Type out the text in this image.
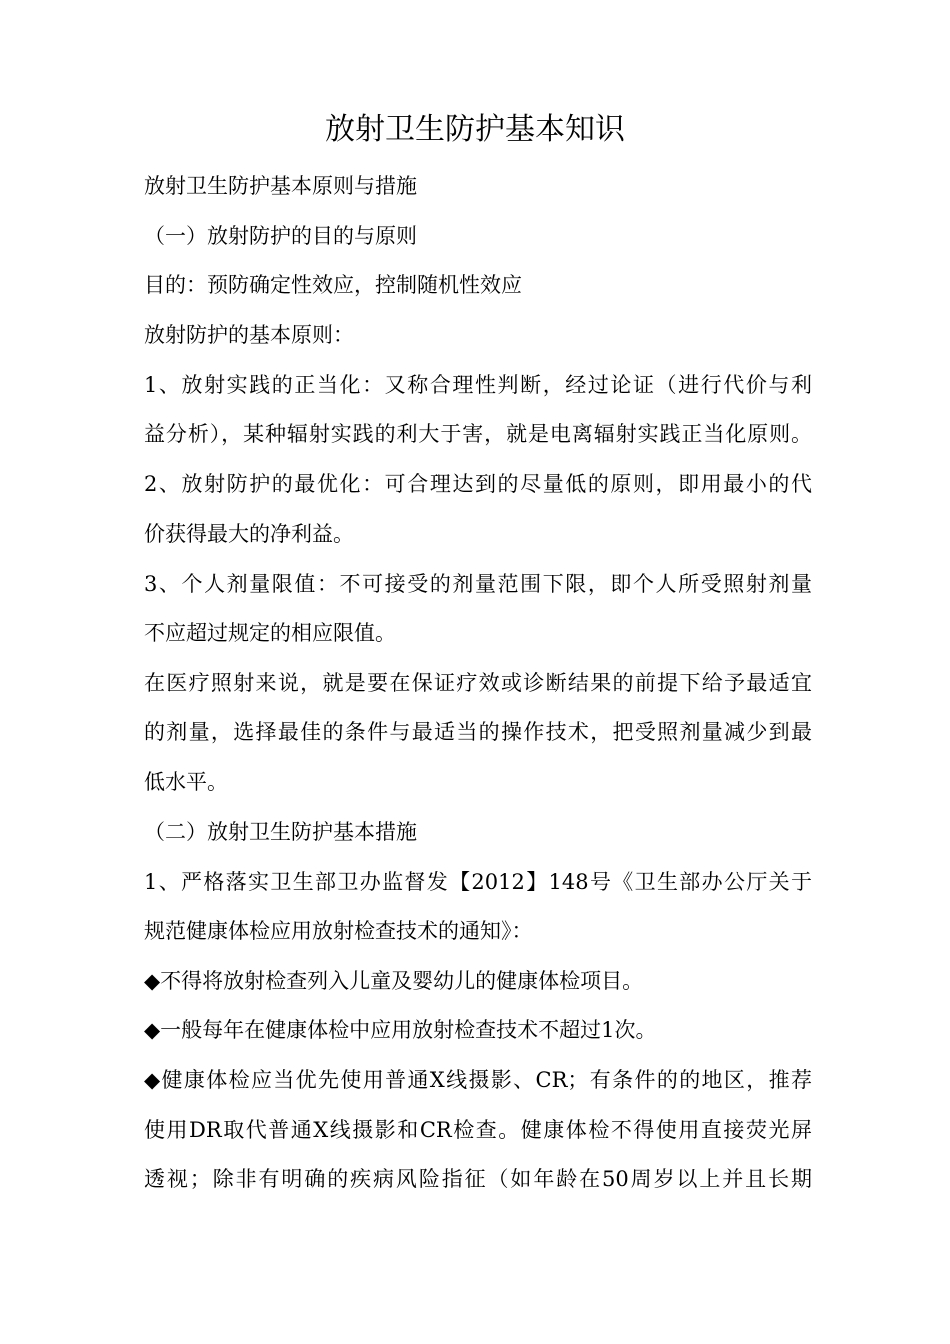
放射卫生防护基本知识
放射卫生防护基本原则与措施
（一）放射防护的目的与原则
目的：预防确定性效应，控制随机性效应
放射防护的基本原则：
1、放射实践的正当化：又称合理性判断，经过论证（进行代价与利
益分析），某种辐射实践的利大于害，就是电离辐射实践正当化原则。
2、放射防护的最优化：可合理达到的尽量低的原则，即用最小的代
价获得最大的净利益。
3、个人剂量限值：不可接受的剂量范围下限，即个人所受照射剂量
不应超过规定的相应限值。
在医疗照射来说，就是要在保证疗效或诊断结果的前提下给予最适宜
的剂量，选择最佳的条件与最适当的操作技术，把受照剂量减少到最
低水平。
（二）放射卫生防护基本措施
1、严格落实卫生部卫办监督发【2012】148号《卫生部办公厅关于
规范健康体检应用放射检查技术的通知》：
◆不得将放射检查列入儿童及婴幼儿的健康体检项目。
◆一般每年在健康体检中应用放射检查技术不超过1次。
◆健康体检应当优先使用普通X线摄影、CR；有条件的的地区，推荐
使用DR取代普通X线摄影和CR检查。健康体检不得使用直接荧光屏
透视；除非有明确的疾病风险指征（如年龄在50周岁以上并且长期
